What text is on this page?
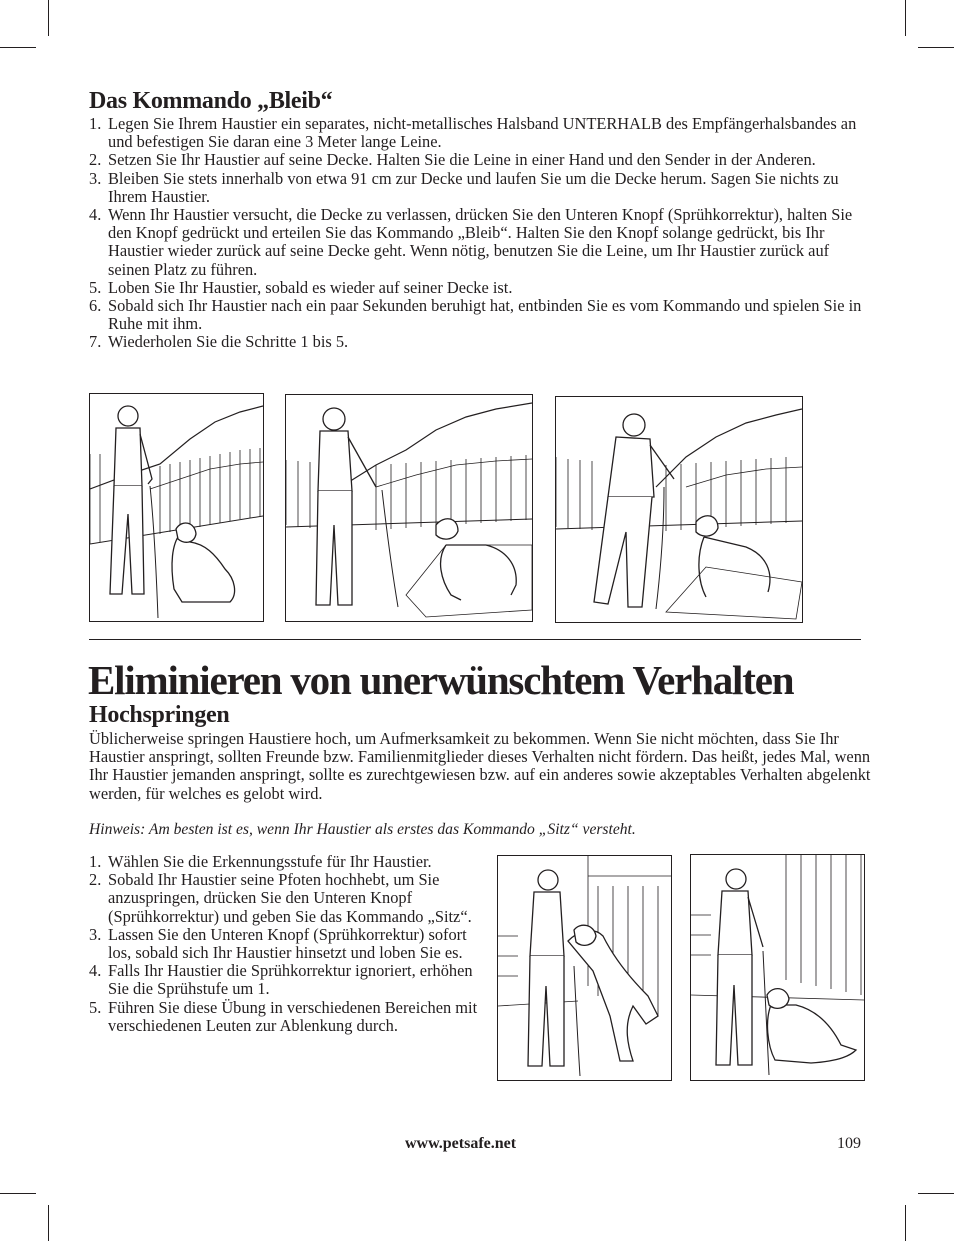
Das Kommando „Bleib“
1. Legen Sie Ihrem Haustier ein separates, nicht-metallisches Halsband UNTERHALB des Empfängerhalsbandes an und befestigen Sie daran eine 3 Meter lange Leine.
2. Setzen Sie Ihr Haustier auf seine Decke. Halten Sie die Leine in einer Hand und den Sender in der Anderen.
3. Bleiben Sie stets innerhalb von etwa 91 cm zur Decke und laufen Sie um die Decke herum. Sagen Sie nichts zu Ihrem Haustier.
4. Wenn Ihr Haustier versucht, die Decke zu verlassen, drücken Sie den Unteren Knopf (Sprühkorrektur), halten Sie den Knopf gedrückt und erteilen Sie das Kommando „Bleib“. Halten Sie den Knopf solange gedrückt, bis Ihr Haustier wieder zurück auf seine Decke geht. Wenn nötig, benutzen Sie die Leine, um Ihr Haustier zurück auf seinen Platz zu führen.
5. Loben Sie Ihr Haustier, sobald es wieder auf seiner Decke ist.
6. Sobald sich Ihr Haustier nach ein paar Sekunden beruhigt hat, entbinden Sie es vom Kommando und spielen Sie in Ruhe mit ihm.
7. Wiederholen Sie die Schritte 1 bis 5.
Eliminieren von unerwünschtem Verhalten
Hochspringen

Üblicherweise springen Haustiere hoch, um Aufmerksamkeit zu bekommen. Wenn Sie nicht möchten, dass Sie Ihr Haustier anspringt, sollten Freunde bzw. Familienmitglieder dieses Verhalten nicht fördern. Das heißt, jedes Mal, wenn Ihr Haustier jemanden anspringt, sollte es zurechtgewiesen bzw. auf ein anderes sowie akzeptables Verhalten abgelenkt werden, für welches es gelobt wird.

Hinweis: Am besten ist es, wenn Ihr Haustier als erstes das Kommando „Sitz“ versteht.

1. Wählen Sie die Erkennungsstufe für Ihr Haustier.
2. Sobald Ihr Haustier seine Pfoten hochhebt, um Sie anzuspringen, drücken Sie den Unteren Knopf (Sprühkorrektur) und geben Sie das Kommando „Sitz“.
3. Lassen Sie den Unteren Knopf (Sprühkorrektur) sofort los, sobald sich Ihr Haustier hinsetzt und loben Sie es.
4. Falls Ihr Haustier die Sprühkorrektur ignoriert, erhöhen Sie die Sprühstufe um 1.
5. Führen Sie diese Übung in verschiedenen Bereichen mit verschiedenen Leuten zur Ablenkung durch.
www.petsafe.net	109
